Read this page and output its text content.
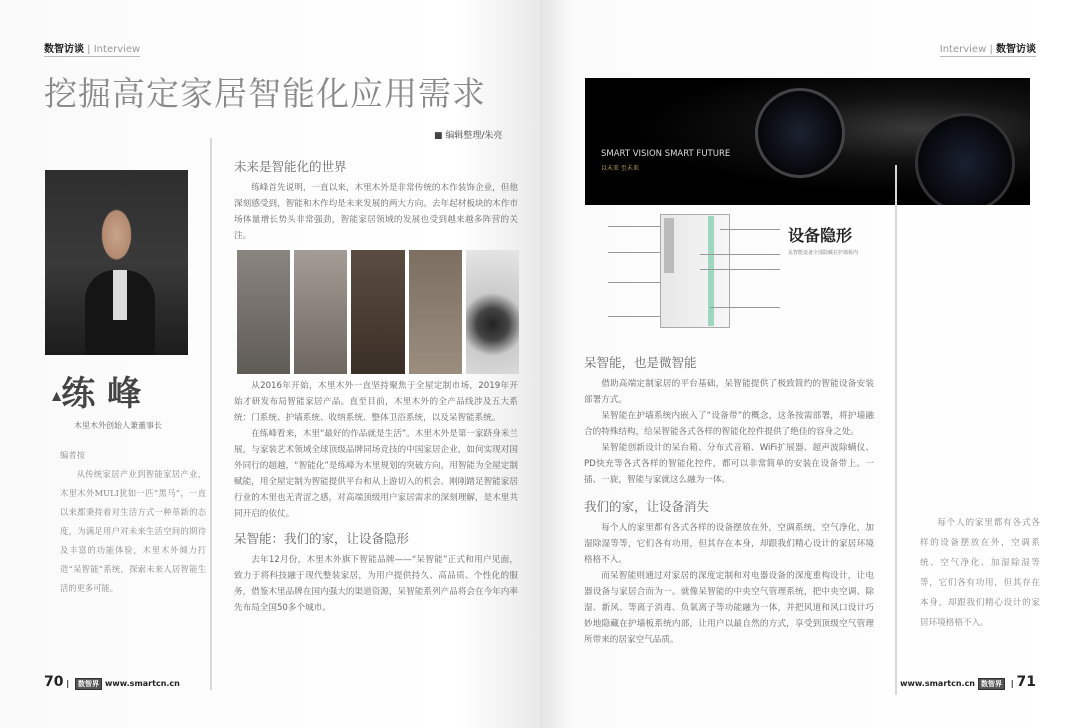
数智访谈 | Interview
挖掘高定家居智能化应用需求
■ 编辑整理/朱亮
▲练 峰
木里木外创始人兼董事长
编者按
从传统家居产业到智能家居产业，木里木外MULI犹如一匹“黑马”，一直以来都秉持着对生活方式一种革新的态度，为满足用户对未来生活空间的期待及丰富的功能体验，木里木外倾力打造“呆智能”系统，探索未来人居智能生活的更多可能。
未来是智能化的世界
练峰首先说明，一直以来，木里木外是非常传统的木作装饰企业，但他深刻感受到，智能和木作均是未来发展的两大方向。去年起材板块的木作市场体量增长势头非常强劲，智能家居领域的发展也受到越来越多阵营的关注。
从2016年开始，木里木外一直坚持聚焦于全屋定制市场，2019年开始才研发布局智能家居产品。直至目前，木里木外的全产品线涉及五大系统：门系统、护墙系统、收纳系统、整体卫浴系统，以及呆智能系统。
在练峰看来，木里“最好的作品就是生活”。木里木外是第一家跻身米兰展，与家装艺术领域全球顶级品牌同场竞技的中国家居企业，如何实现对国外同行的超越，“智能化”是练峰为木里规划的突破方向。用智能为全屋定制赋能，用全屋定制为智能提供平台和从上游切入的机会。刚刚踏足智能家居行业的木里也无青涩之感，对高端顶级用户家居需求的深刻理解，是木里共同开启的依仗。
呆智能：我们的家，让设备隐形
去年12月份，木里木外旗下智能品牌——“呆智能”正式和用户见面，致力于将科技融于现代整装家居，为用户提供持久、高品质、个性化的服务，借鉴木里品牌在国内强大的渠道资源，呆智能系列产品将会在今年内率先布局全国50多个城市。
70 | 数智界 www.smartcn.cn
Interview | 数智访谈
SMART VISION SMART FUTURE
以未来 至未来
设备隐形
呆智能设备全部隐藏在护墙板内
呆智能，也是微智能
借助高端定制家居的平台基础，呆智能提供了极致简约的智能设备安装部署方式。
呆智能在护墙系统内嵌入了“设备带”的概念，这条按需部署，将护墙融合的特殊结构，给呆智能各式各样的智能化控件提供了绝佳的容身之处。
呆智能创新设计的呆台箱、分布式音箱、WiFi扩展器、超声波除螨仪、PD快充等各式各样的智能化控件，都可以非常简单的安装在设备带上。一插、一旋，智能与家就这么融为一体。
我们的家，让设备消失
每个人的家里都有各式各样的设备摆放在外，空调系统，空气净化，加湿除湿等等，它们各有功用，但其存在本身，却跟我们精心设计的家居环境格格不入。
而呆智能则通过对家居的深度定制和对电器设备的深度重构设计，让电器设备与家居合而为一。就像呆智能的中央空气管理系统，把中央空调、除湿、新风、等离子消毒、负氧离子等功能融为一体，并把风道和风口设计巧妙地隐藏在护墙板系统内部，让用户以最自然的方式，享受到顶级空气管理所带来的居家空气品质。
每个人的家里都有各式各样的设备摆放在外，空调系统、空气净化、加湿除湿等等，它们各有功用，但其存在本身，却跟我们精心设计的家居环境格格不入。
www.smartcn.cn 数智界 | 71
